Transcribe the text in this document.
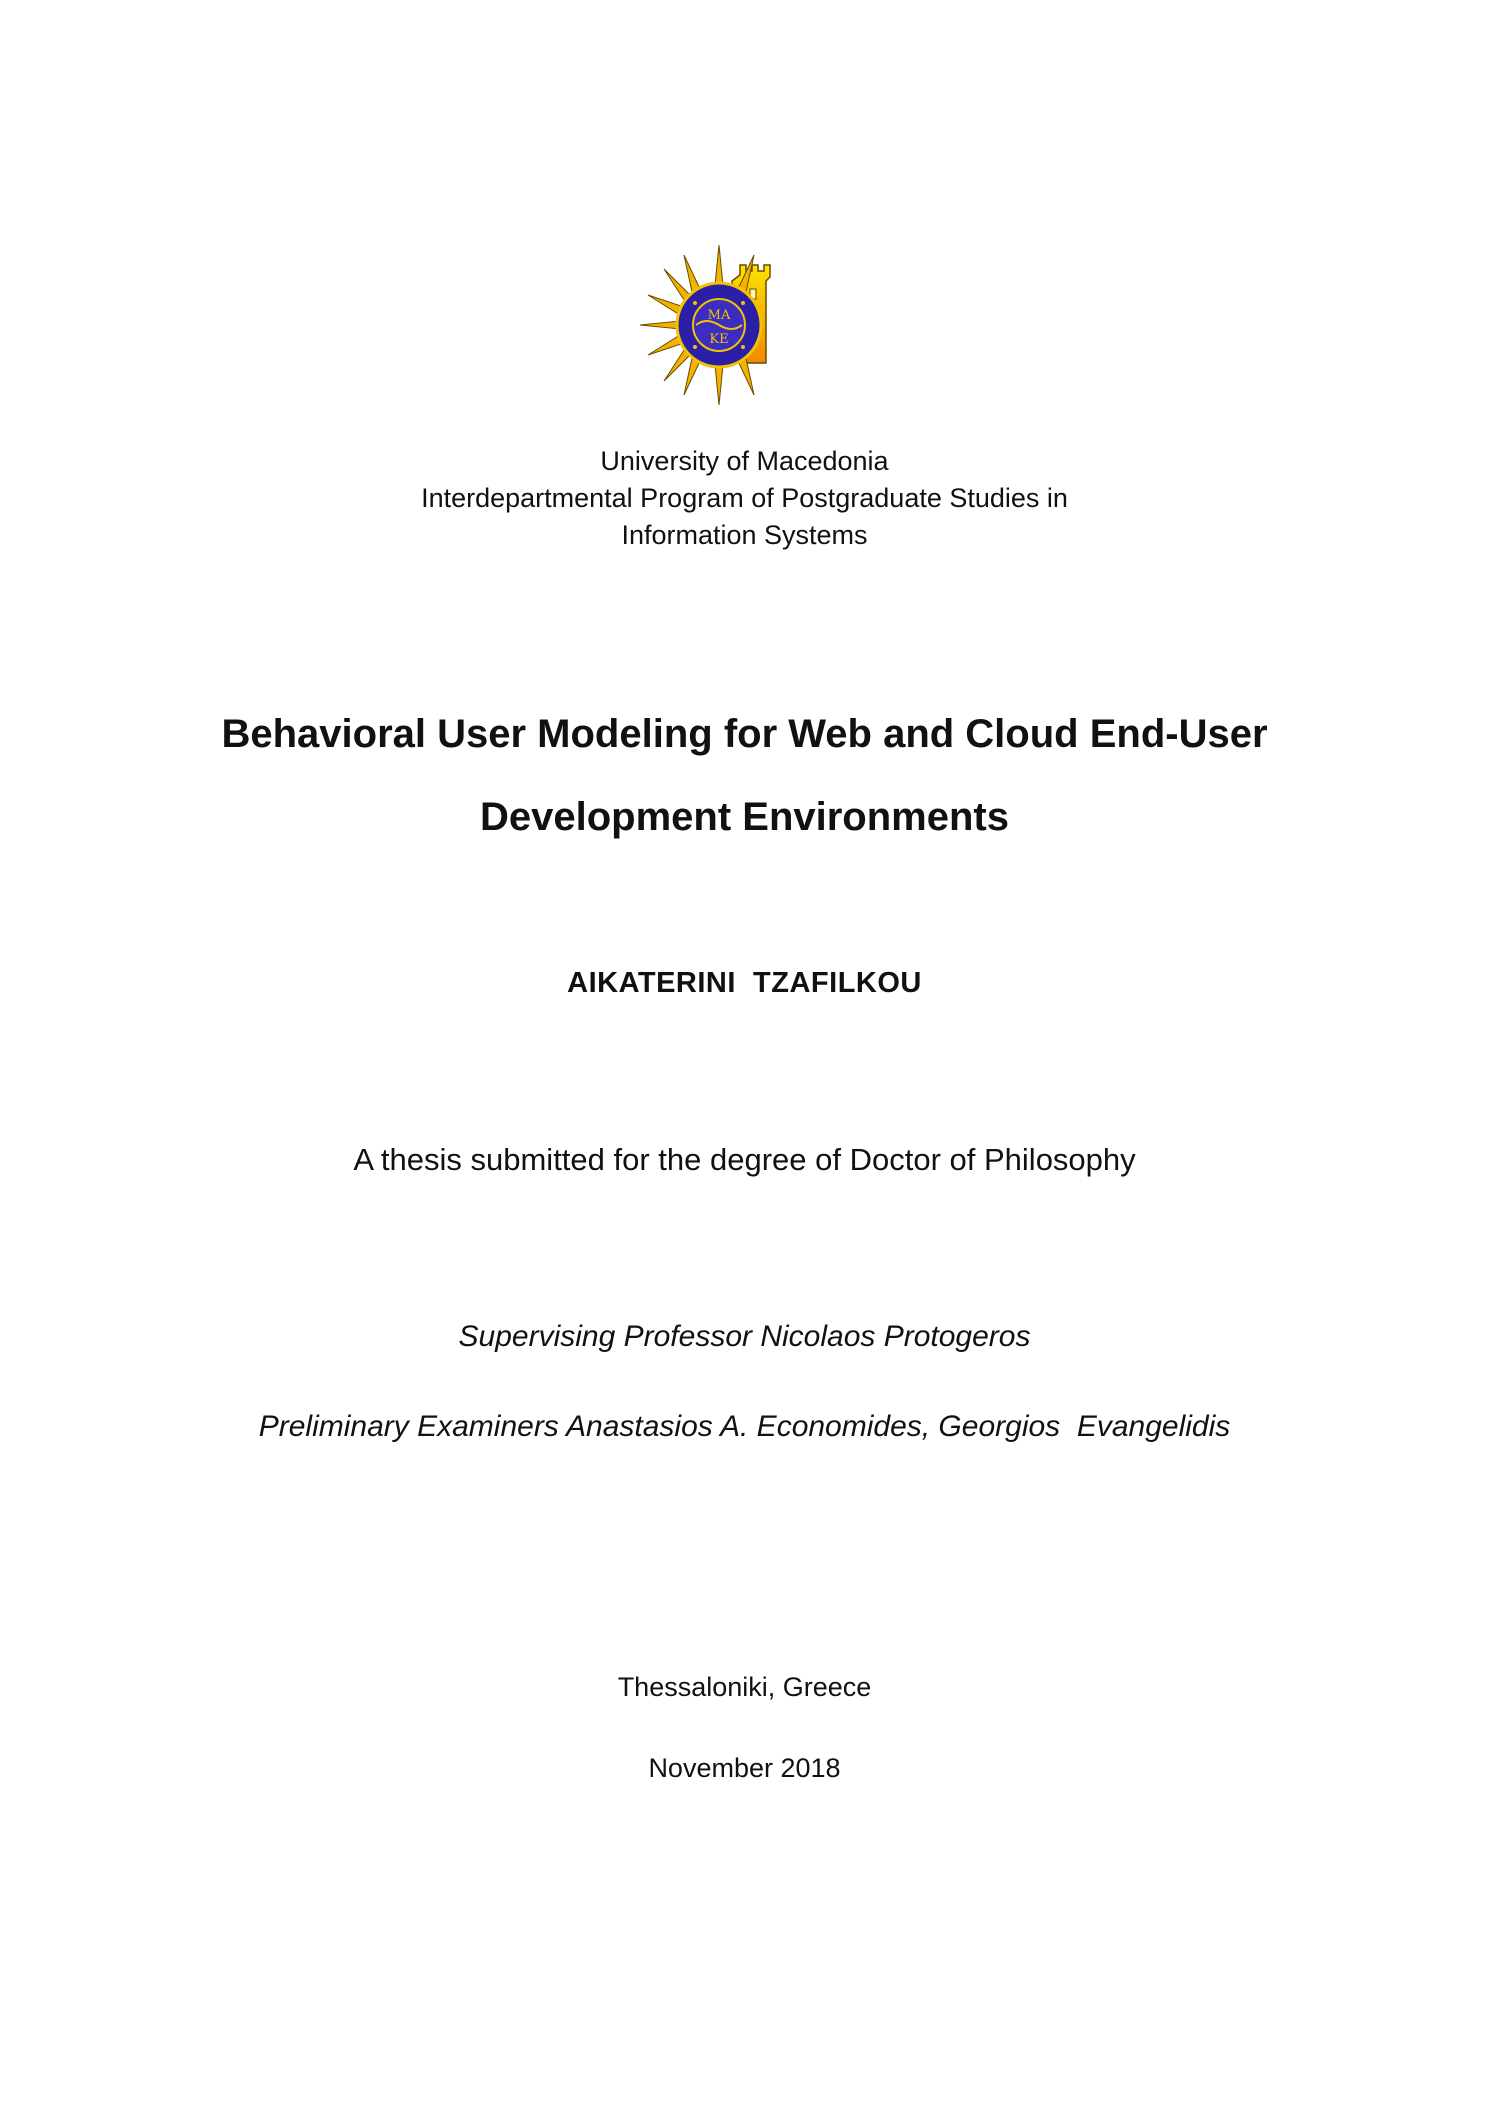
ΜΑ
ΚΕ
University of Macedonia
Interdepartmental Program of Postgraduate Studies in
Information Systems
Behavioral User Modeling for Web and Cloud End-User
Development Environments
AIKATERINI  TZAFILKOU
A thesis submitted for the degree of Doctor of Philosophy
Supervising Professor Nicolaos Protogeros
Preliminary Examiners Anastasios A. Economides, Georgios  Evangelidis
Thessaloniki, Greece
November 2018
